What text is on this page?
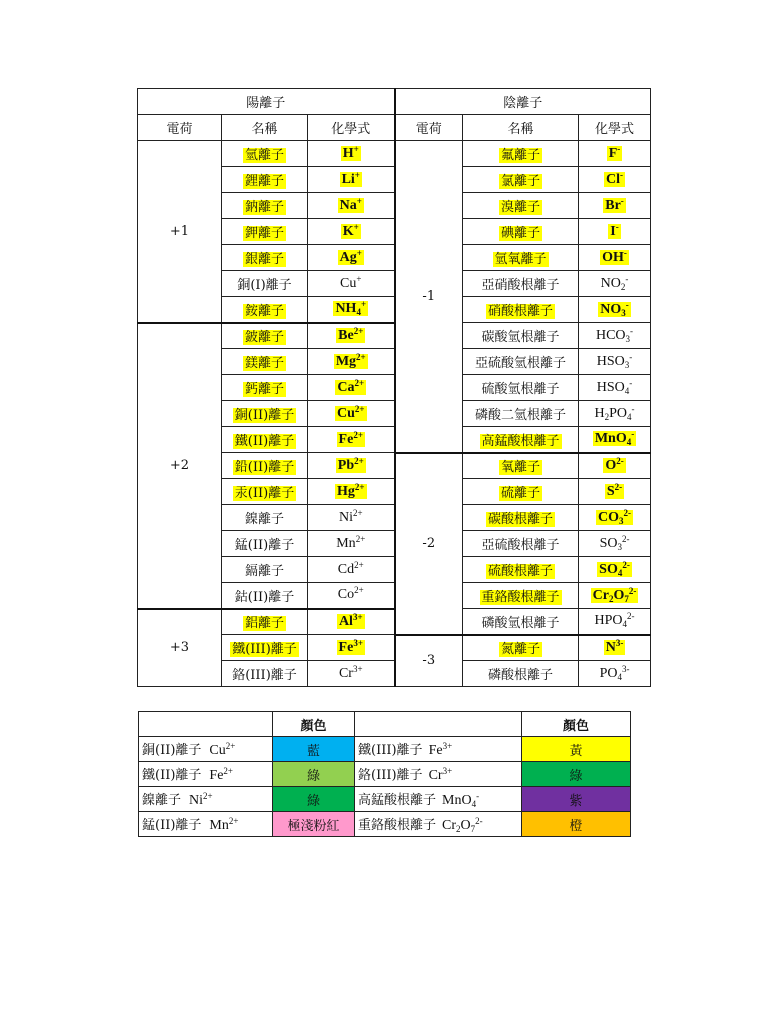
陽離子			陰離子		
電荷	名稱	化學式	電荷	名稱	化學式
+1	氫離子	H+	-1	氟離子	F-
	鋰離子	Li+		氯離子	Cl-
	鈉離子	Na+		溴離子	Br-
	鉀離子	K+		碘離子	I-
	銀離子	Ag+		氫氧離子	OH-
	銅(I)離子	Cu+		亞硝酸根離子	$NO_2^-$
	銨離子	$NH_4^+$		硝酸根離子	$NO_3^-$
+2	鈹離子	$Be^{2+}$		碳酸氫根離子	$HCO_3^-$
	鎂離子	$Mg^{2+}$		亞硫酸氫根離子	$HSO_3^-$
	鈣離子	$Ca^{2+}$		硫酸氫根離子	$HSO_4^-$
	銅(II)離子	$Cu^{2+}$		磷酸二氫根離子	$H_2PO_4^-$
	鐵(II)離子	$Fe^{2+}$		高錳酸根離子	MnO$_4$-
	鉛(II)離子	$Pb^{2+}$	-2	氧離子	$O^{2-}$
	汞(II)離子	$Hg^{2+}$		硫離子	$S^{2-}$
	鎳離子	$Ni^{2+}$		碳酸根離子	$CO_3^{2-}$
	錳(II)離子	$Mn^{2+}$		亞硫酸根離子	$SO_3^{2-}$
	鎘離子	$Cd^{2+}$		硫酸根離子	$SO_4^{2-}$
	鈷(II)離子	$Co^{2+}$		重鉻酸根離子	$Cr_2O_7^{2-}$
+3	鋁離子	$Al^{3+}$		磷酸氫根離子	$HPO_4^{2-}$
	鐵(III)離子	$Fe^{3+}$	-3	氮離子	$N^{3-}$
	鉻(III)離子	$Cr^{3+}$		磷酸根離子	$PO_4^{3-}$
	顏色		顏色
銅(II)離子 $Cu^{2+}$	藍	鐵(III)離子 $Fe^{3+}$	黃
鐵(II)離子 $Fe^{2+}$	綠	鉻(III)離子 $Cr^{3+}$	綠
鎳離子 $Ni^{2+}$	綠	高錳酸根離子 MnO$_4$-	紫
錳(II)離子 $Mn^{2+}$	極淺粉紅	重鉻酸根離子 $Cr_2O_7^{2-}$	橙
